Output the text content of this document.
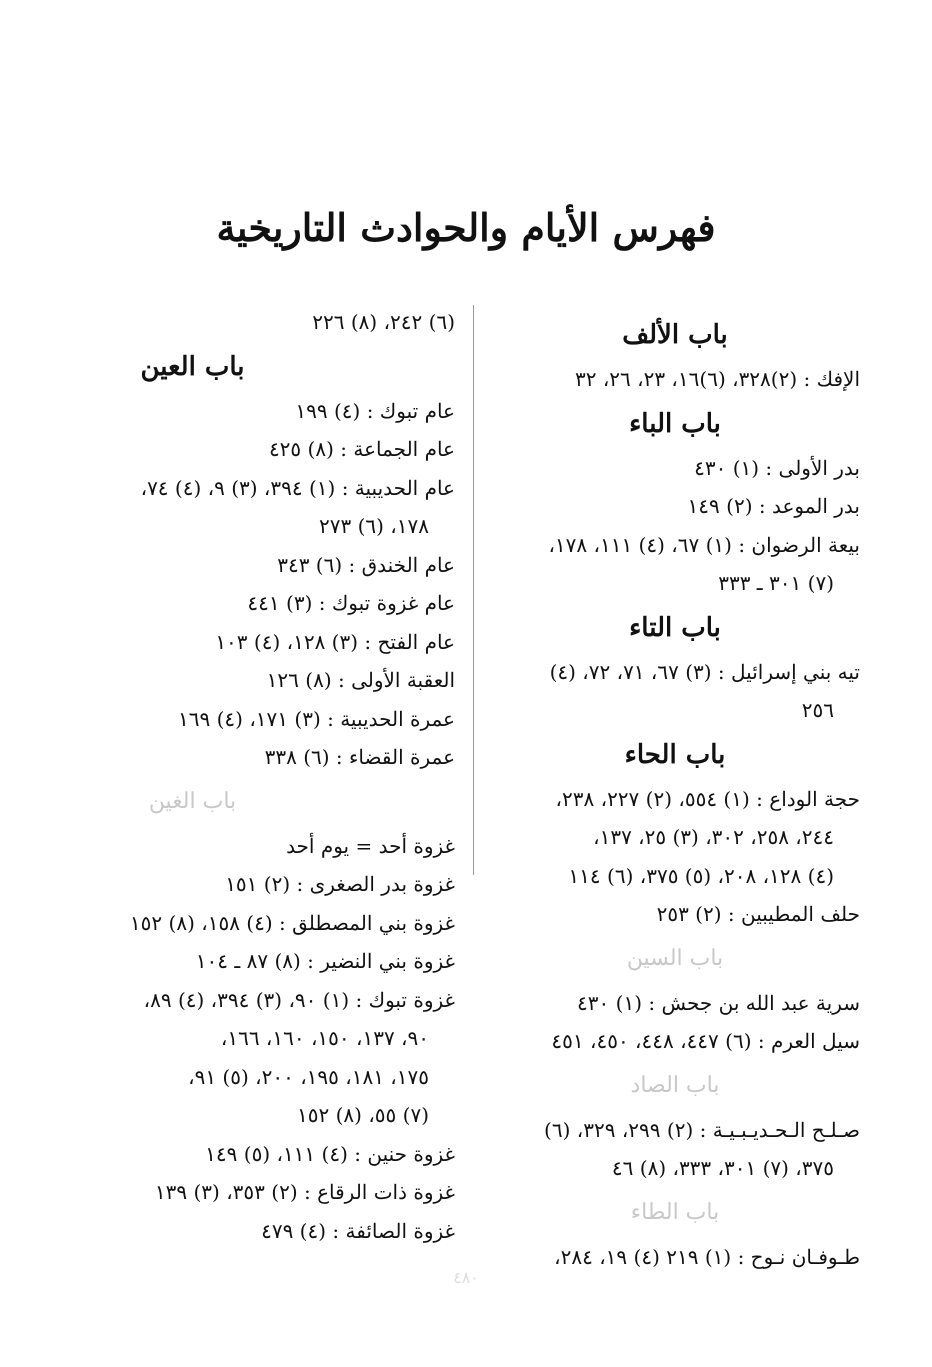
فهرس الأيام والحوادث التاريخية
باب الألف
الإفك : (٢)٣٢٨، (٦)١٦، ٢٣، ٢٦، ٣٢
باب الباء
بدر الأولى : (١) ٤٣٠
بدر الموعد : (٢) ١٤٩
بيعة الرضوان : (١) ٦٧، (٤) ١١١، ١٧٨،
(٧) ٣٠١ ـ ٣٣٣
باب التاء
تيه بني إسرائيل : (٣) ٦٧، ٧١، ٧٢، (٤)
٢٥٦
باب الحاء
حجة الوداع : (١) ٥٥٤، (٢) ٢٢٧، ٢٣٨،
٢٤٤، ٢٥٨، ٣٠٢، (٣) ٢٥، ١٣٧،
(٤) ١٢٨، ٢٠٨، (٥) ٣٧٥، (٦) ١١٤
حلف المطيبين : (٢) ٢٥٣
باب السين
سرية عبد الله بن جحش : (١) ٤٣٠
سيل العرم : (٦) ٤٤٧، ٤٤٨، ٤٥٠، ٤٥١
باب الصاد
صـلـح الـحـديـبـيـة : (٢) ٢٩٩، ٣٢٩، (٦)
٣٧٥، (٧) ٣٠١، ٣٣٣، (٨) ٤٦
باب الطاء
طـوفـان نـوح : (١) ٢١٩ (٤) ١٩، ٢٨٤،
(٦) ٢٤٢، (٨) ٢٢٦
باب العين
عام تبوك : (٤) ١٩٩
عام الجماعة : (٨) ٤٢٥
عام الحديبية : (١) ٣٩٤، (٣) ٩، (٤) ٧٤،
١٧٨، (٦) ٢٧٣
عام الخندق : (٦) ٣٤٣
عام غزوة تبوك : (٣) ٤٤١
عام الفتح : (٣) ١٢٨، (٤) ١٠٣
العقبة الأولى : (٨) ١٢٦
عمرة الحديبية : (٣) ١٧١، (٤) ١٦٩
عمرة القضاء : (٦) ٣٣٨
باب الغين
غزوة أحد = يوم أحد
غزوة بدر الصغرى : (٢) ١٥١
غزوة بني المصطلق : (٤) ١٥٨، (٨) ١٥٢
غزوة بني النضير : (٨) ٨٧ ـ ١٠٤
غزوة تبوك : (١) ٩٠، (٣) ٣٩٤، (٤) ٨٩،
٩٠، ١٣٧، ١٥٠، ١٦٠، ١٦٦،
١٧٥، ١٨١، ١٩٥، ٢٠٠، (٥) ٩١،
(٧) ٥٥، (٨) ١٥٢
غزوة حنين : (٤) ١١١، (٥) ١٤٩
غزوة ذات الرقاع : (٢) ٣٥٣، (٣) ١٣٩
غزوة الصائفة : (٤) ٤٧٩
٤٨٠
